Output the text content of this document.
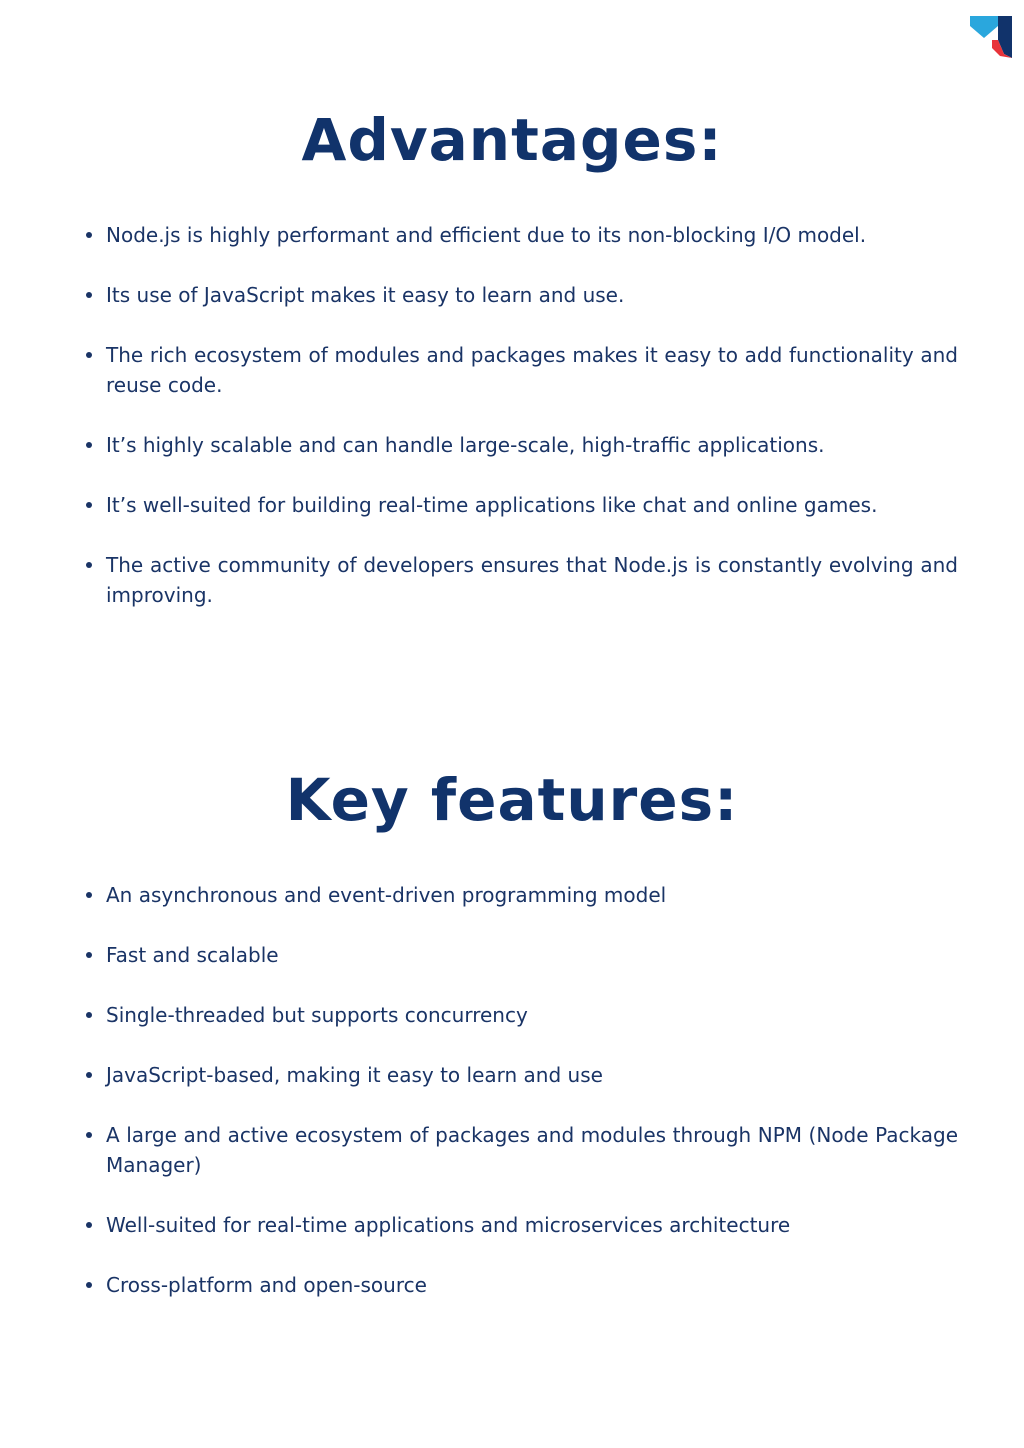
Advantages:
Node.js is highly performant and efficient due to its non-blocking I/O model.
Its use of JavaScript makes it easy to learn and use.
The rich ecosystem of modules and packages makes it easy to add functionality and reuse code.
It’s highly scalable and can handle large-scale, high-traffic applications.
It’s well-suited for building real-time applications like chat and online games.
The active community of developers ensures that Node.js is constantly evolving and improving.
Key features:
An asynchronous and event-driven programming model
Fast and scalable
Single-threaded but supports concurrency
JavaScript-based, making it easy to learn and use
A large and active ecosystem of packages and modules through NPM (Node Package Manager)
Well-suited for real-time applications and microservices architecture
Cross-platform and open-source
